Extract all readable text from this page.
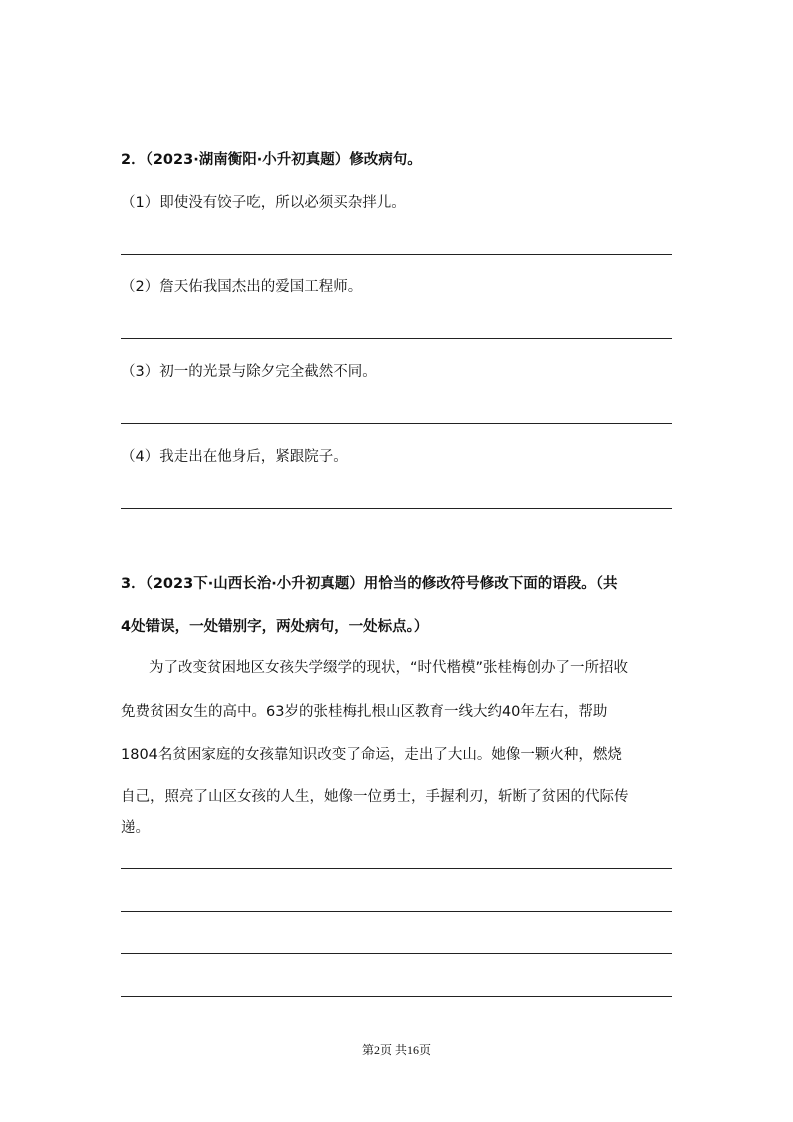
2．（2023·湖南衡阳·小升初真题）修改病句。
（1）即使没有饺子吃，所以必须买杂拌儿。
（2）詹天佑我国杰出的爱国工程师。
（3）初一的光景与除夕完全截然不同。
（4）我走出在他身后，紧跟院子。
3．（2023下·山西长治·小升初真题）用恰当的修改符号修改下面的语段。（共
4处错误，一处错别字，两处病句，一处标点。）
为了改变贫困地区女孩失学缀学的现状，“时代楷模”张桂梅创办了一所招收
免费贫困女生的高中。63岁的张桂梅扎根山区教育一线大约40年左右，帮助
1804名贫困家庭的女孩靠知识改变了命运，走出了大山。她像一颗火种，燃烧
自己，照亮了山区女孩的人生，她像一位勇士，手握利刃，斩断了贫困的代际传
递。
第2页 共16页
